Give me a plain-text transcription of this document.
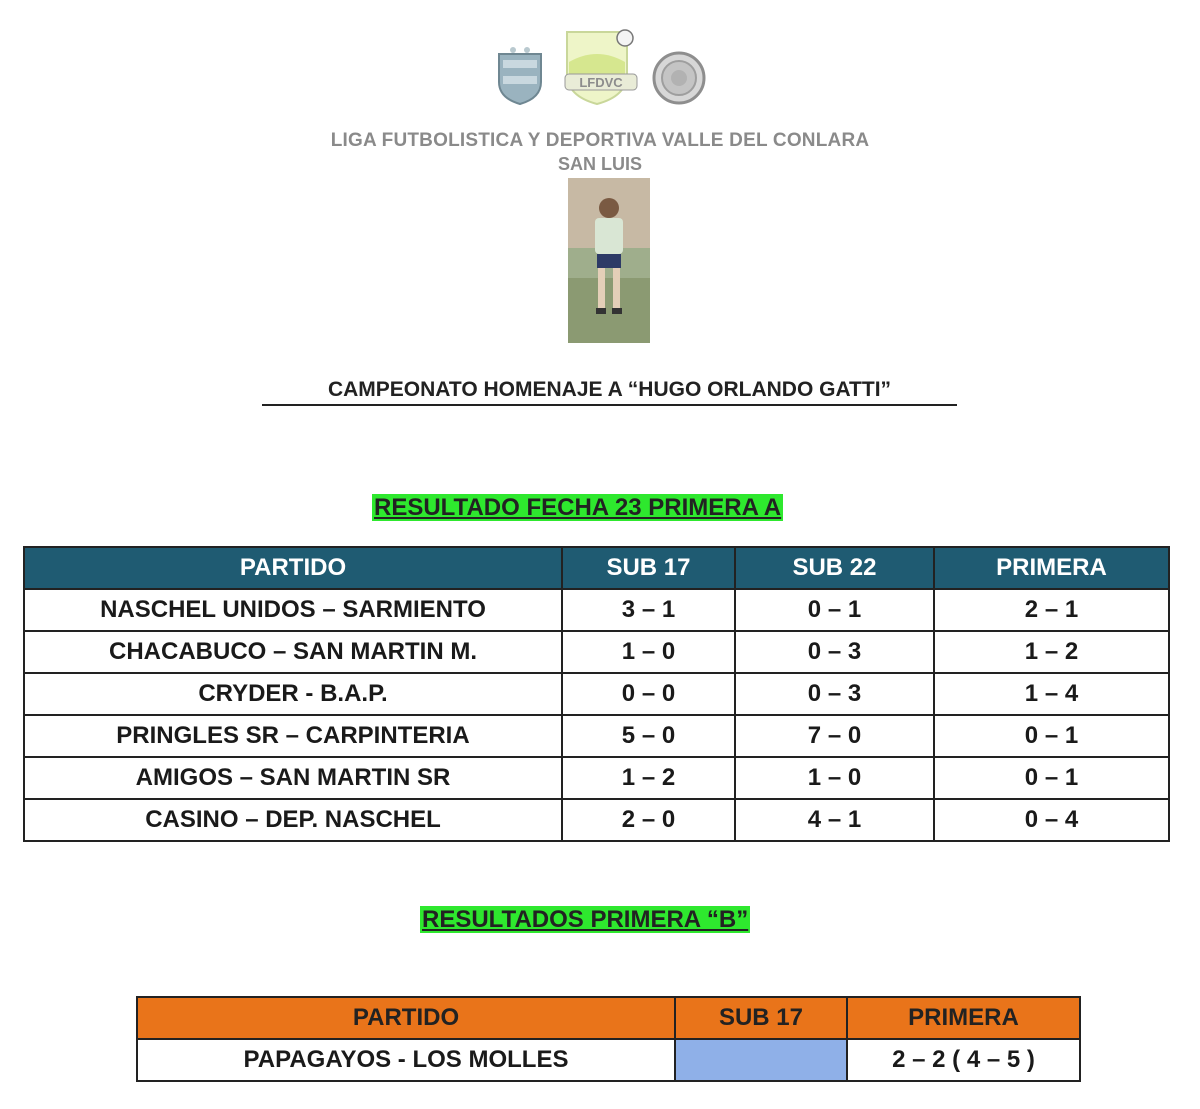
LFDVC
LIGA FUTBOLISTICA Y DEPORTIVA VALLE DEL CONLARA
SAN LUIS
CAMPEONATO HOMENAJE A “HUGO ORLANDO GATTI”
RESULTADO FECHA 23 PRIMERA A
PARTIDO	SUB 17	SUB 22	PRIMERA
NASCHEL UNIDOS – SARMIENTO	3 – 1	0 – 1	2 – 1
CHACABUCO – SAN MARTIN M.	1 – 0	0 – 3	1 – 2
CRYDER - B.A.P.	0 – 0	0 – 3	1 – 4
PRINGLES SR – CARPINTERIA	5 – 0	7 – 0	0 – 1
AMIGOS – SAN MARTIN SR	1 – 2	1 – 0	0 – 1
CASINO – DEP. NASCHEL	2 – 0	4 – 1	0 – 4
RESULTADOS PRIMERA “B”
PARTIDO	SUB 17	PRIMERA
PAPAGAYOS - LOS MOLLES		2 – 2 ( 4 – 5 )
